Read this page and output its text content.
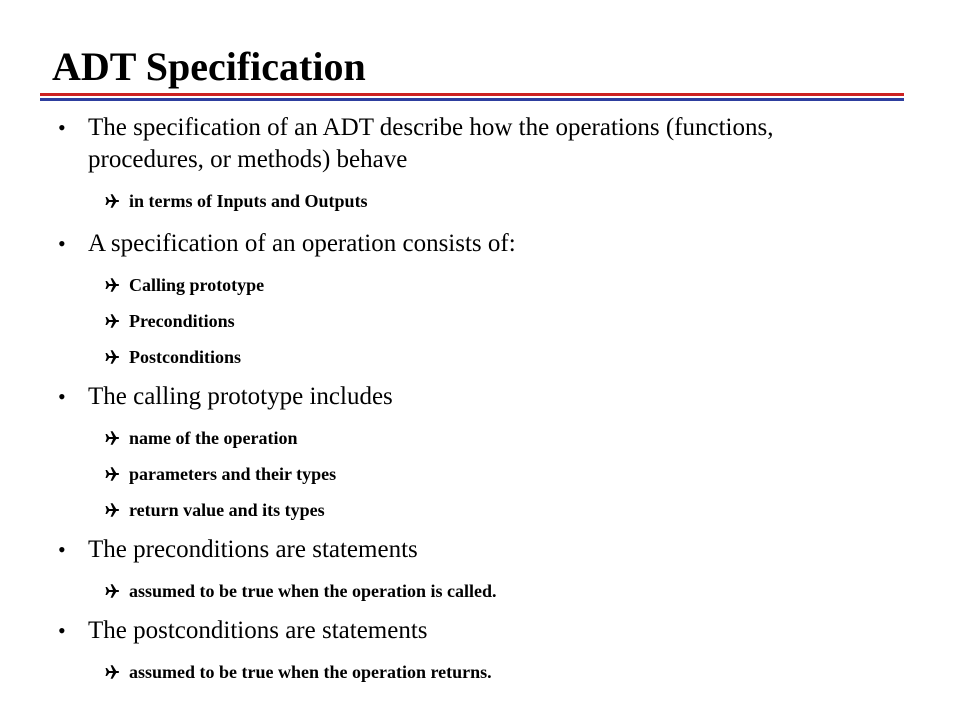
ADT Specification
• The specification of an ADT describe how the operations (functions, procedures, or methods) behave
in terms of Inputs and Outputs
• A specification of an operation consists of:
Calling prototype
Preconditions
Postconditions
• The calling prototype includes
name of the operation
parameters and their types
return value and its types
• The preconditions are statements
assumed to be true when the operation is called.
• The postconditions are statements
assumed to be true when the operation returns.
